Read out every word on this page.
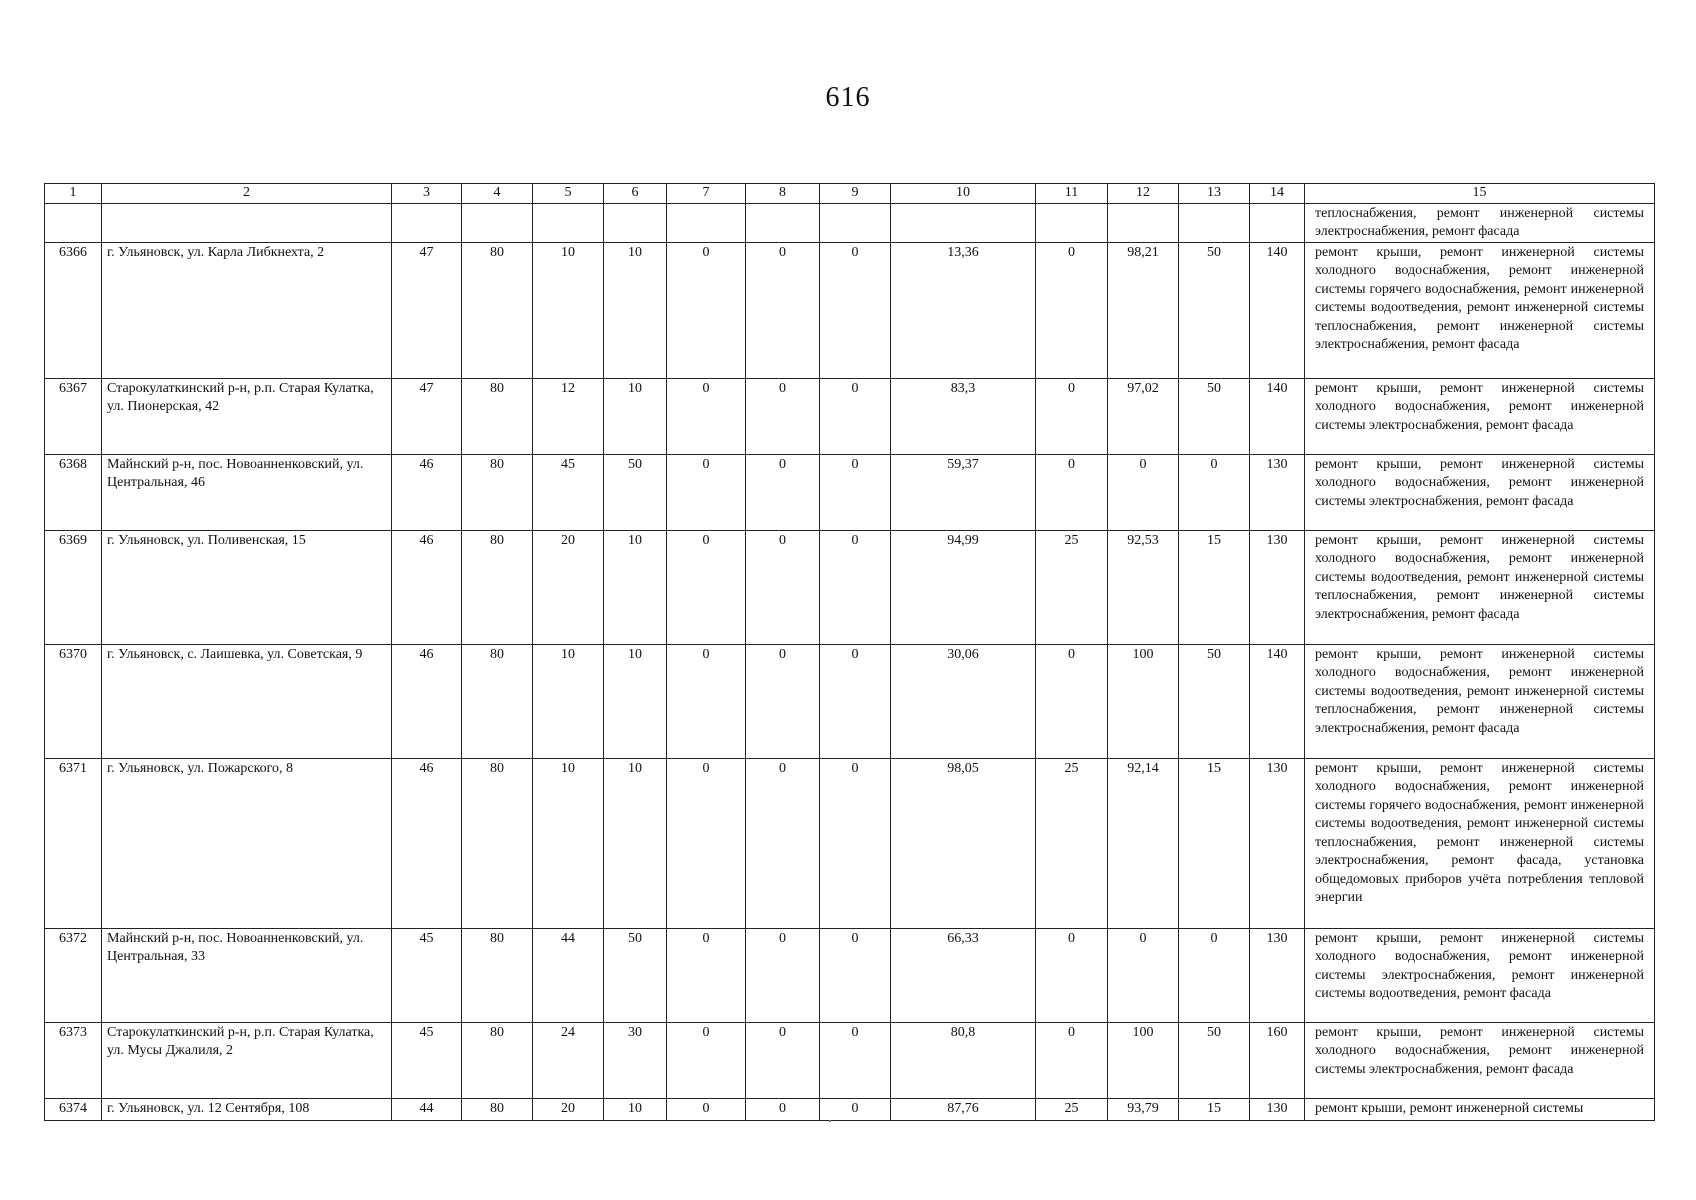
616
1	2	3	4	5	6	7	8	9	10	11	12	13	14	15
														теплоснабжения, ремонт инженерной системы электроснабжения, ремонт фасада
6366	г. Ульяновск, ул. Карла Либкнехта, 2	47	80	10	10	0	0	0	13,36	0	98,21	50	140	ремонт крыши, ремонт инженерной системы холодного водоснабжения, ремонт инженерной системы горячего водоснабжения, ремонт инженерной системы водоотведения, ремонт инженерной системы теплоснабжения, ремонт инженерной системы электроснабжения, ремонт фасада
6367	Старокулаткинский р-н, р.п. Старая Кулатка, ул. Пионерская, 42	47	80	12	10	0	0	0	83,3	0	97,02	50	140	ремонт крыши, ремонт инженерной системы холодного водоснабжения, ремонт инженерной системы электроснабжения, ремонт фасада
6368	Майнский р-н, пос. Новоанненковский, ул. Центральная, 46	46	80	45	50	0	0	0	59,37	0	0	0	130	ремонт крыши, ремонт инженерной системы холодного водоснабжения, ремонт инженерной системы электроснабжения, ремонт фасада
6369	г. Ульяновск, ул. Поливенская, 15	46	80	20	10	0	0	0	94,99	25	92,53	15	130	ремонт крыши, ремонт инженерной системы холодного водоснабжения, ремонт инженерной системы водоотведения, ремонт инженерной системы теплоснабжения, ремонт инженерной системы электроснабжения, ремонт фасада
6370	г. Ульяновск, с. Лаишевка, ул. Советская, 9	46	80	10	10	0	0	0	30,06	0	100	50	140	ремонт крыши, ремонт инженерной системы холодного водоснабжения, ремонт инженерной системы водоотведения, ремонт инженерной системы теплоснабжения, ремонт инженерной системы электроснабжения, ремонт фасада
6371	г. Ульяновск, ул. Пожарского, 8	46	80	10	10	0	0	0	98,05	25	92,14	15	130	ремонт крыши, ремонт инженерной системы холодного водоснабжения, ремонт инженерной системы горячего водоснабжения, ремонт инженерной системы водоотведения, ремонт инженерной системы теплоснабжения, ремонт инженерной системы электроснабжения, ремонт фасада, установка общедомовых приборов учёта потребления тепловой энергии
6372	Майнский р-н, пос. Новоанненковский, ул. Центральная, 33	45	80	44	50	0	0	0	66,33	0	0	0	130	ремонт крыши, ремонт инженерной системы холодного водоснабжения, ремонт инженерной системы электроснабжения, ремонт инженерной системы водоотведения, ремонт фасада
6373	Старокулаткинский р-н, р.п. Старая Кулатка, ул. Мусы Джалиля, 2	45	80	24	30	0	0	0	80,8	0	100	50	160	ремонт крыши, ремонт инженерной системы холодного водоснабжения, ремонт инженерной системы электроснабжения, ремонт фасада
6374	г. Ульяновск, ул. 12 Сентября, 108	44	80	20	10	0	0	0	87,76	25	93,79	15	130	ремонт крыши, ремонт инженерной системы
